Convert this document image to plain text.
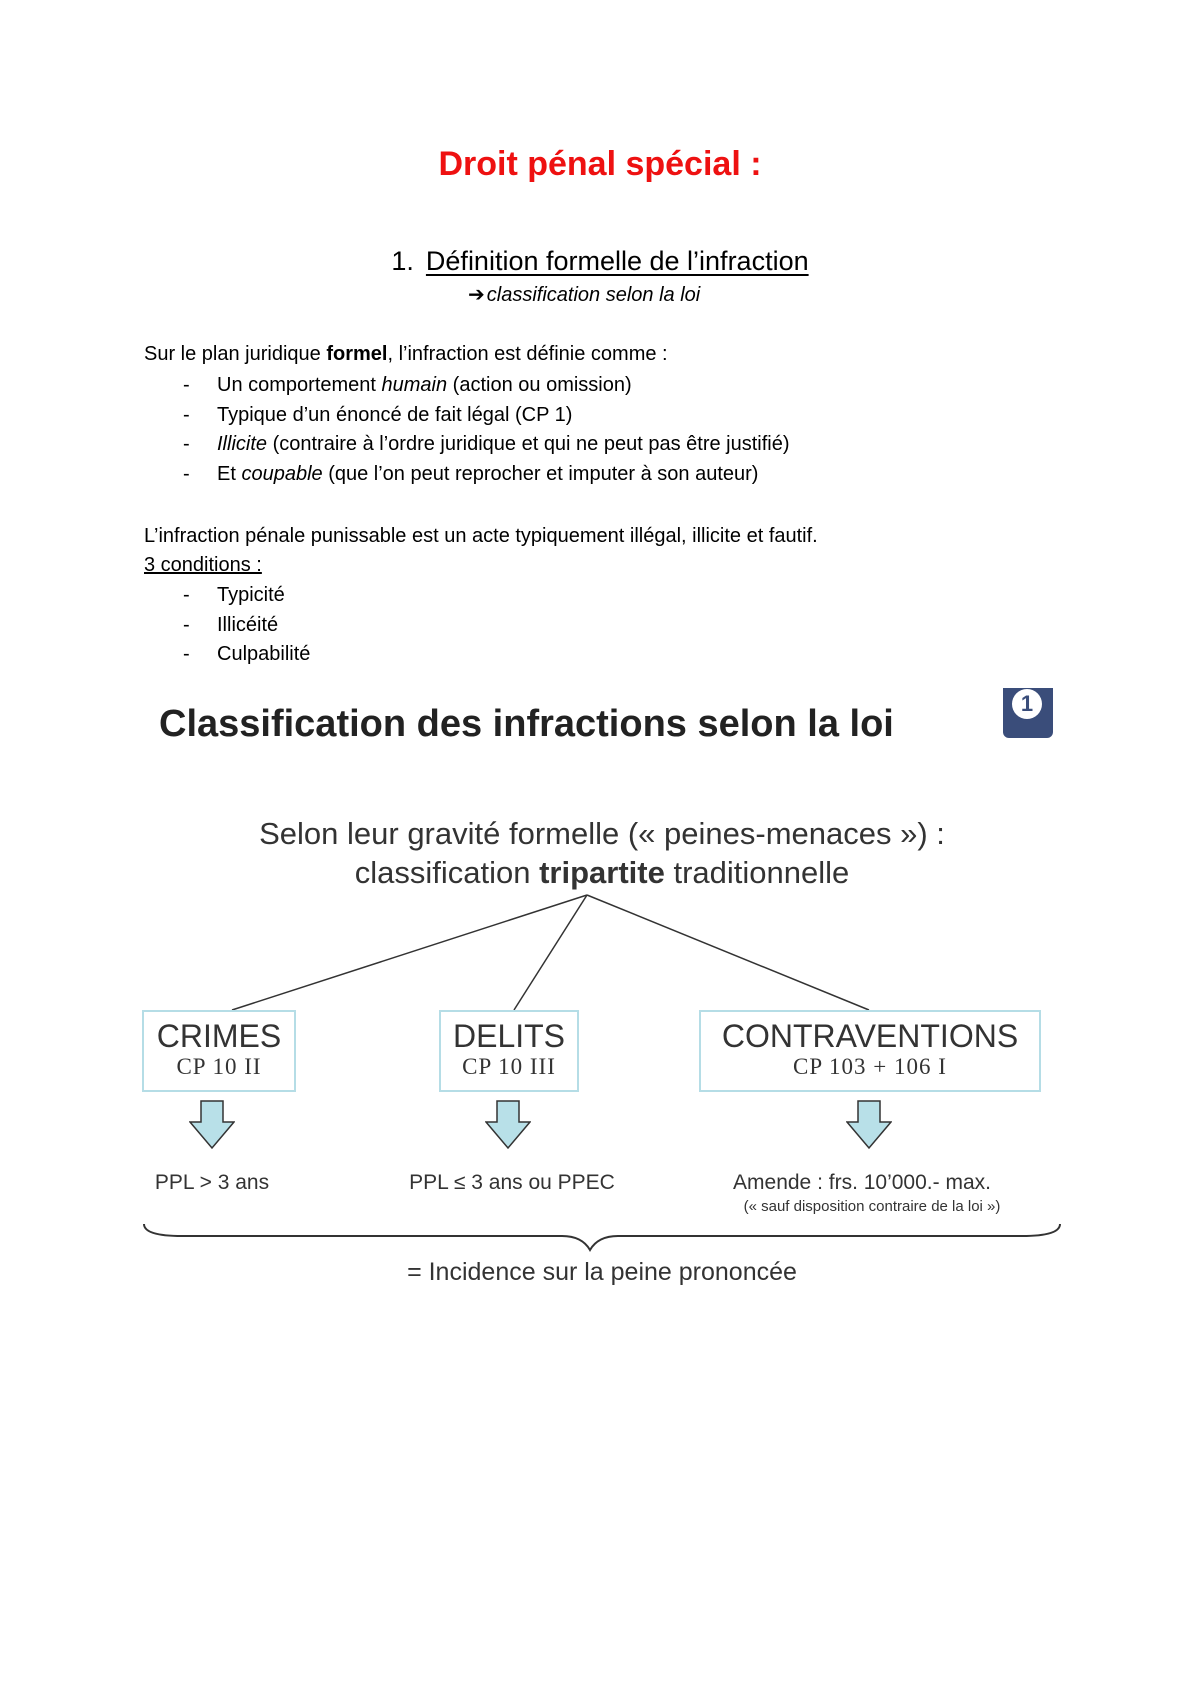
Droit pénal spécial :
1. Définition formelle de l’infraction
➔ classification selon la loi
Sur le plan juridique formel, l’infraction est définie comme :
- Un comportement humain (action ou omission)
- Typique d’un énoncé de fait légal (CP 1)
- Illicite (contraire à l’ordre juridique et qui ne peut pas être justifié)
- Et coupable (que l’on peut reprocher et imputer à son auteur)
L’infraction pénale punissable est un acte typiquement illégal, illicite et fautif.
3 conditions :
- Typicité
- Illicéité
- Culpabilité
Classification des infractions selon la loi	1
Selon leur gravité formelle (« peines-menaces ») :
classification tripartite traditionnelle
CRIMES
CP 10 II
DELITS
CP 10 III
CONTRAVENTIONS
CP 103 + 106 I
PPL > 3 ans	PPL ≤ 3 ans ou PPEC	Amende : frs. 10’000.- max.
(« sauf disposition contraire de la loi »)
= Incidence sur la peine prononcée
